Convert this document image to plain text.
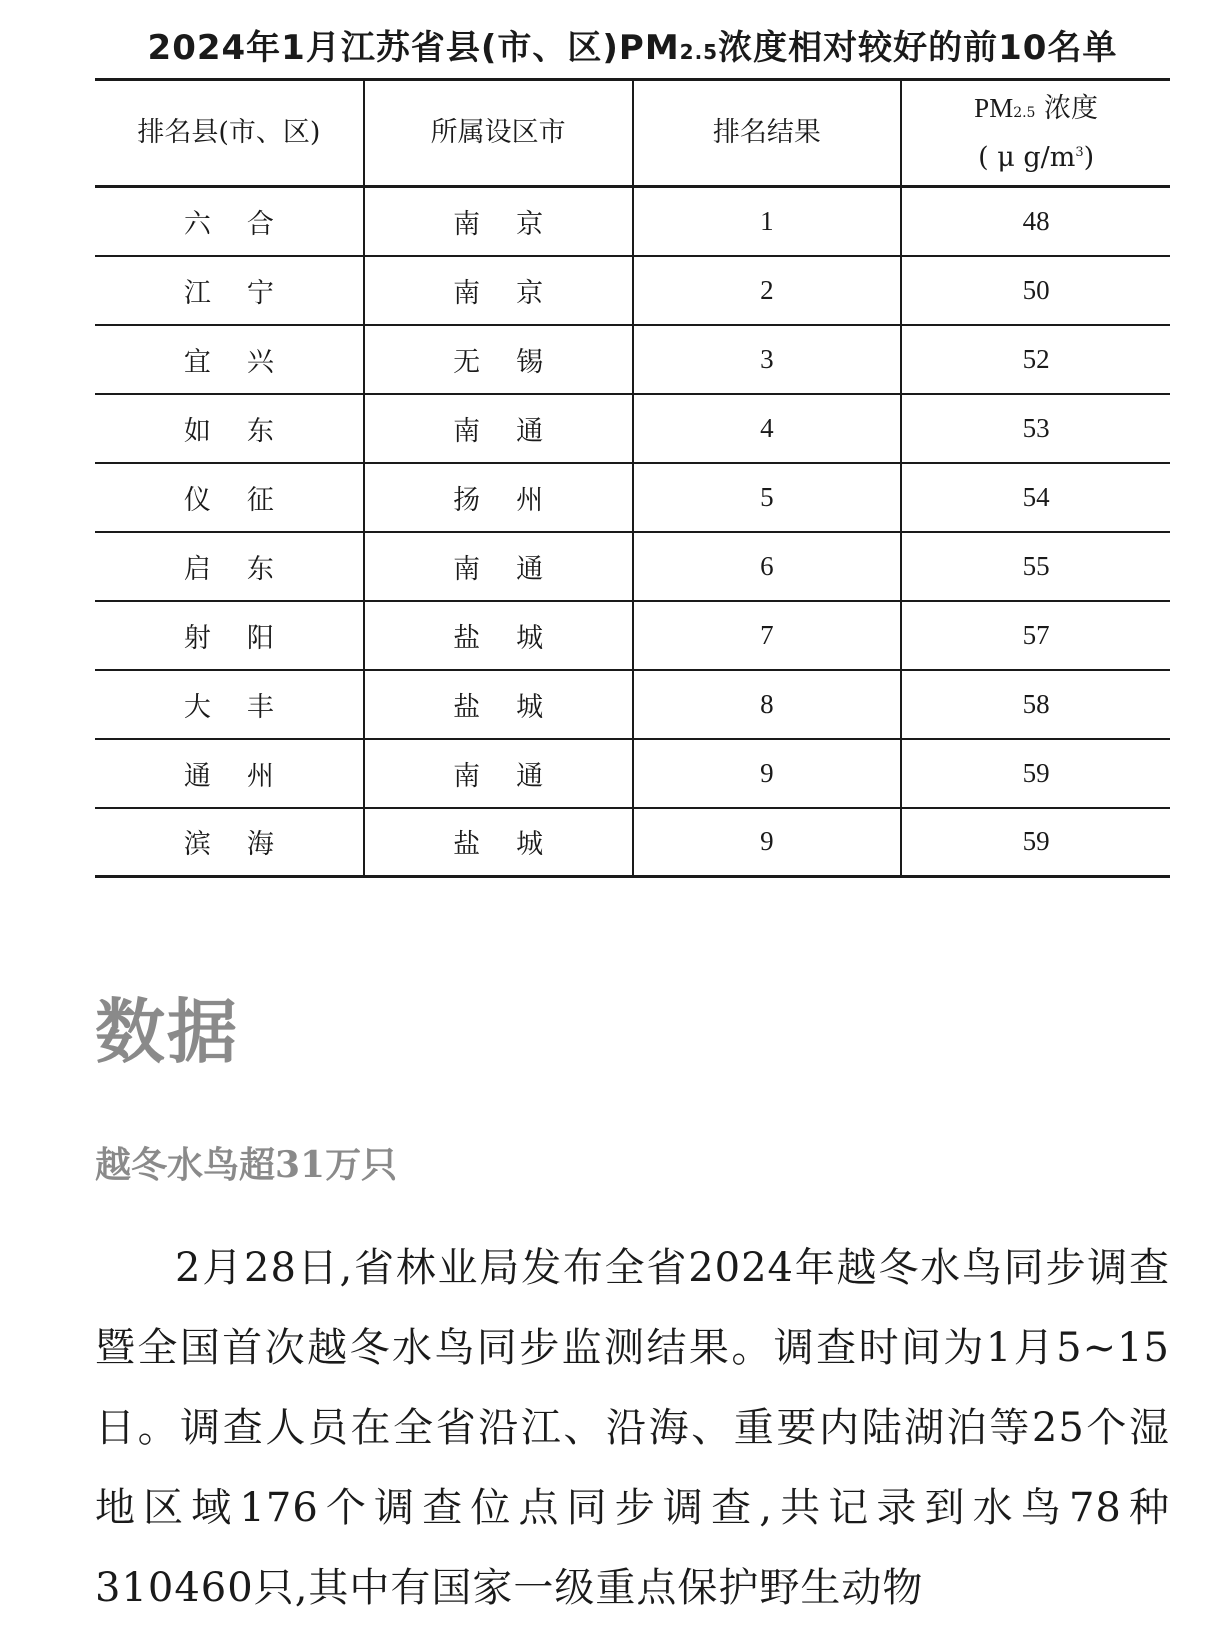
2024年1月江苏省县(市、区)PM2.5浓度相对较好的前10名单
排名县(市、区)	所属设区市	排名结果	PM2.5 浓度
( μ $g/m^3$)
六合	南京	1	48
江宁	南京	2	50
宜兴	无锡	3	52
如东	南通	4	53
仪征	扬州	5	54
启东	南通	6	55
射阳	盐城	7	57
大丰	盐城	8	58
通州	南通	9	59
滨海	盐城	9	59
数据
越冬水鸟超31万只

2月28日,省林业局发布全省2024年越冬水鸟同步调查暨全国首次越冬水鸟同步监测结果。调查时间为1月5~15日。调查人员在全省沿江、沿海、重要内陆湖泊等25个湿地区域176个调查位点同步调查,共记录到水鸟78种310460只,其中有国家一级重点保护野生动物
